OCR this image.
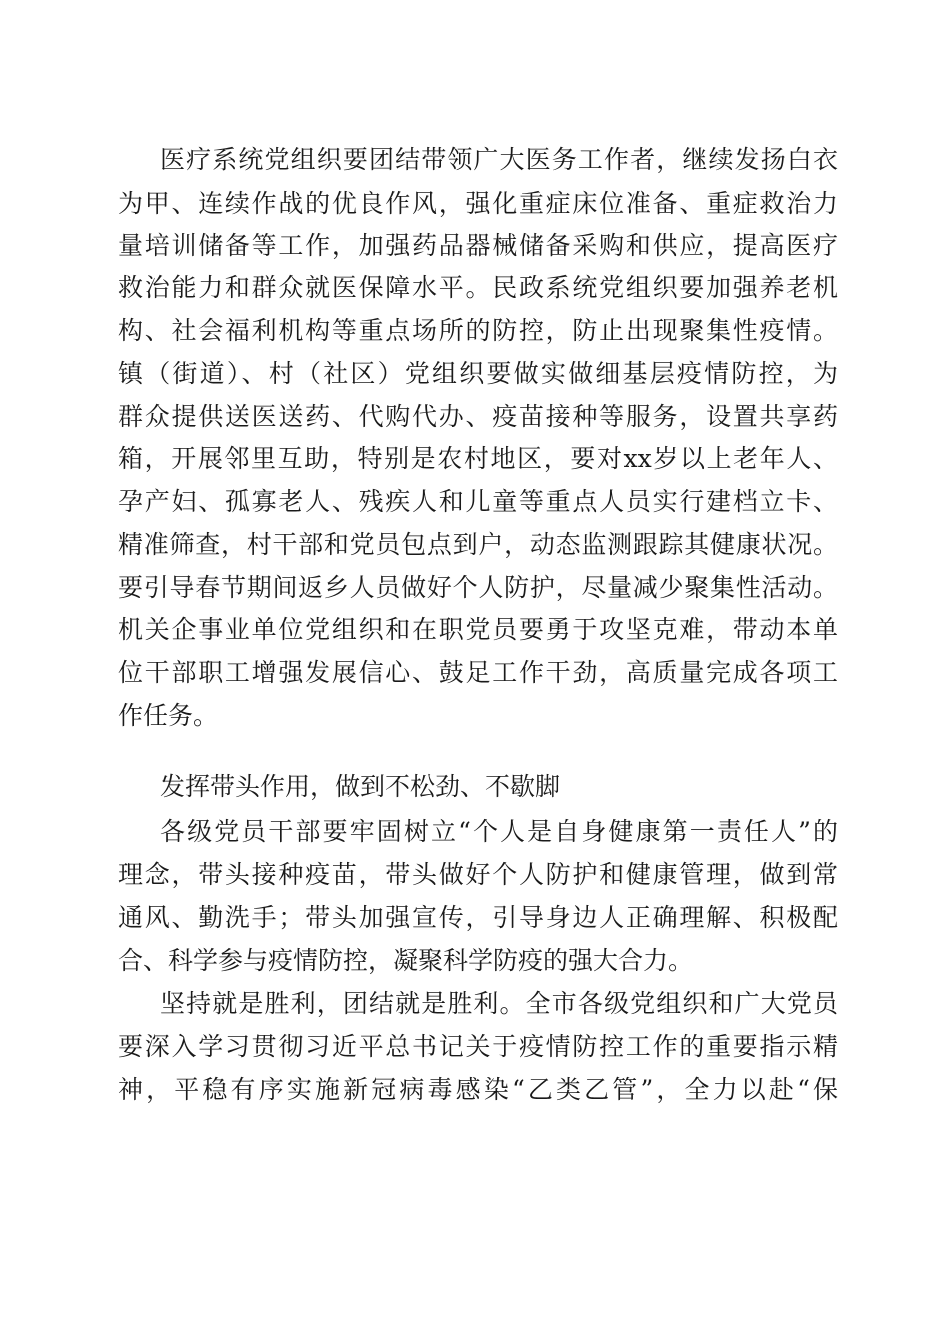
医疗系统党组织要团结带领广大医务工作者，继续发扬白衣
为甲、连续作战的优良作风，强化重症床位准备、重症救治力
量培训储备等工作，加强药品器械储备采购和供应，提高医疗
救治能力和群众就医保障水平。民政系统党组织要加强养老机
构、社会福利机构等重点场所的防控，防止出现聚集性疫情。
镇（街道）、村（社区）党组织要做实做细基层疫情防控，为
群众提供送医送药、代购代办、疫苗接种等服务，设置共享药
箱，开展邻里互助，特别是农村地区，要对xx岁以上老年人、
孕产妇、孤寡老人、残疾人和儿童等重点人员实行建档立卡、
精准筛查，村干部和党员包点到户，动态监测跟踪其健康状况。
要引导春节期间返乡人员做好个人防护，尽量减少聚集性活动。
机关企事业单位党组织和在职党员要勇于攻坚克难，带动本单
位干部职工增强发展信心、鼓足工作干劲，高质量完成各项工
作任务。
发挥带头作用，做到不松劲、不歇脚
各级党员干部要牢固树立“个人是自身健康第一责任人”的
理念，带头接种疫苗，带头做好个人防护和健康管理，做到常
通风、勤洗手；带头加强宣传，引导身边人正确理解、积极配
合、科学参与疫情防控，凝聚科学防疫的强大合力。
坚持就是胜利，团结就是胜利。全市各级党组织和广大党员
要深入学习贯彻习近平总书记关于疫情防控工作的重要指示精
神，平稳有序实施新冠病毒感染“乙类乙管”，全力以赴“保
